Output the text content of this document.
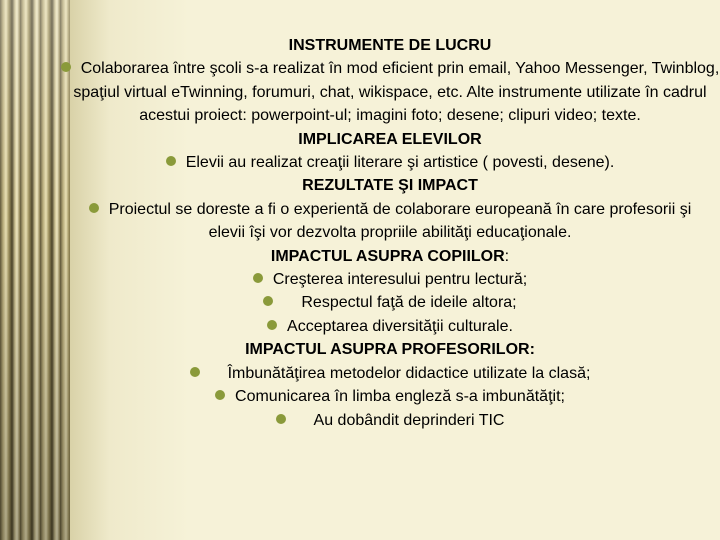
INSTRUMENTE DE LUCRU

Colaborarea între şcoli s-a realizat în mod eficient prin email, Yahoo Messenger, Twinblog, spaţiul virtual eTwinning, forumuri, chat, wikispace, etc. Alte instrumente utilizate în cadrul acestui proiect: powerpoint-ul; imagini foto; desene; clipuri video; texte.

IMPLICAREA ELEVILOR

Elevii au realizat creaţii literare şi artistice ( povesti, desene).

REZULTATE ŞI IMPACT

Proiectul se doreste a fi o experientă de colaborare europeană în care profesorii şi elevii îşi vor dezvolta propriile abilităţi educaţionale.

IMPACTUL ASUPRA COPIILOR:

Creşterea interesului pentru lectură;

Respectul faţă de ideile altora;

Acceptarea diversităţii culturale.

IMPACTUL ASUPRA PROFESORILOR:

Îmbunătăţirea metodelor didactice utilizate la clasă;

Comunicarea în limba engleză s-a imbunătăţit;

Au dobândit deprinderi TIC
